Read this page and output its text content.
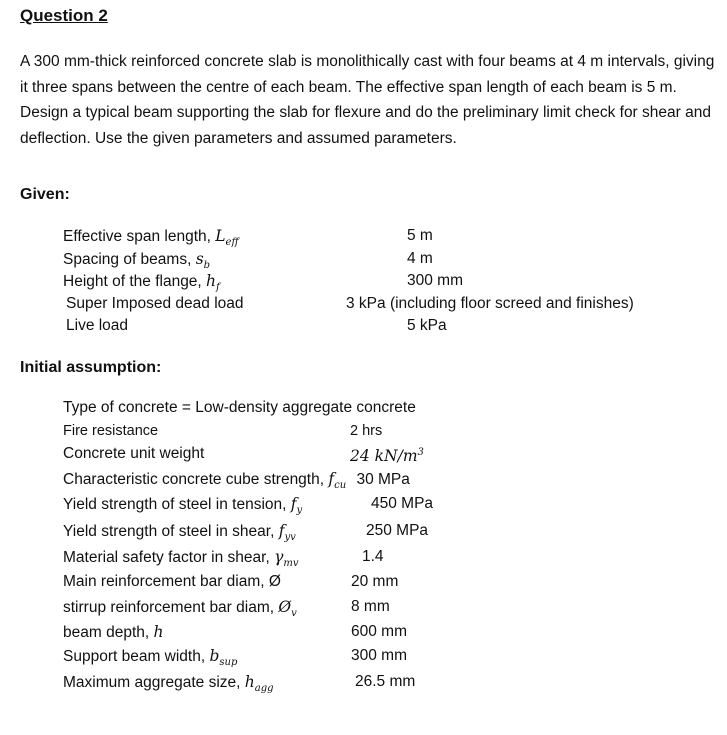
Question 2

A 300 mm-thick reinforced concrete slab is monolithically cast with four beams at 4 m intervals, giving it three spans between the centre of each beam. The effective span length of each beam is 5 m. Design a typical beam supporting the slab for flexure and do the preliminary limit check for shear and deflection. Use the given parameters and assumed parameters.

Given:
Effective span length, $L_{eff}$	5 m
Spacing of beams, $s_b$	4 m
Height of the flange, $h_f$	300 mm
Super Imposed dead load	3 kPa (including floor screed and finishes)
Live load	5 kPa
Initial assumption:
Type of concrete = Low-density aggregate concrete
Fire resistance	2 hrs
Concrete unit weight	24 $kN/m^3$
Characteristic concrete cube strength, $f_{cu}$ 30 MPa
Yield strength of steel in tension, $f_y$	450 MPa
Yield strength of steel in shear, $f_{yv}$	250 MPa
Material safety factor in shear, $\gamma_{mv}$	1.4
Main reinforcement bar diam, Ø	20 mm
stirrup reinforcement bar diam, $Ø_v$	8 mm
beam depth, h	600 mm
Support beam width, $b_{sup}$	300 mm
Maximum aggregate size, $h_{agg}$	26.5 mm
